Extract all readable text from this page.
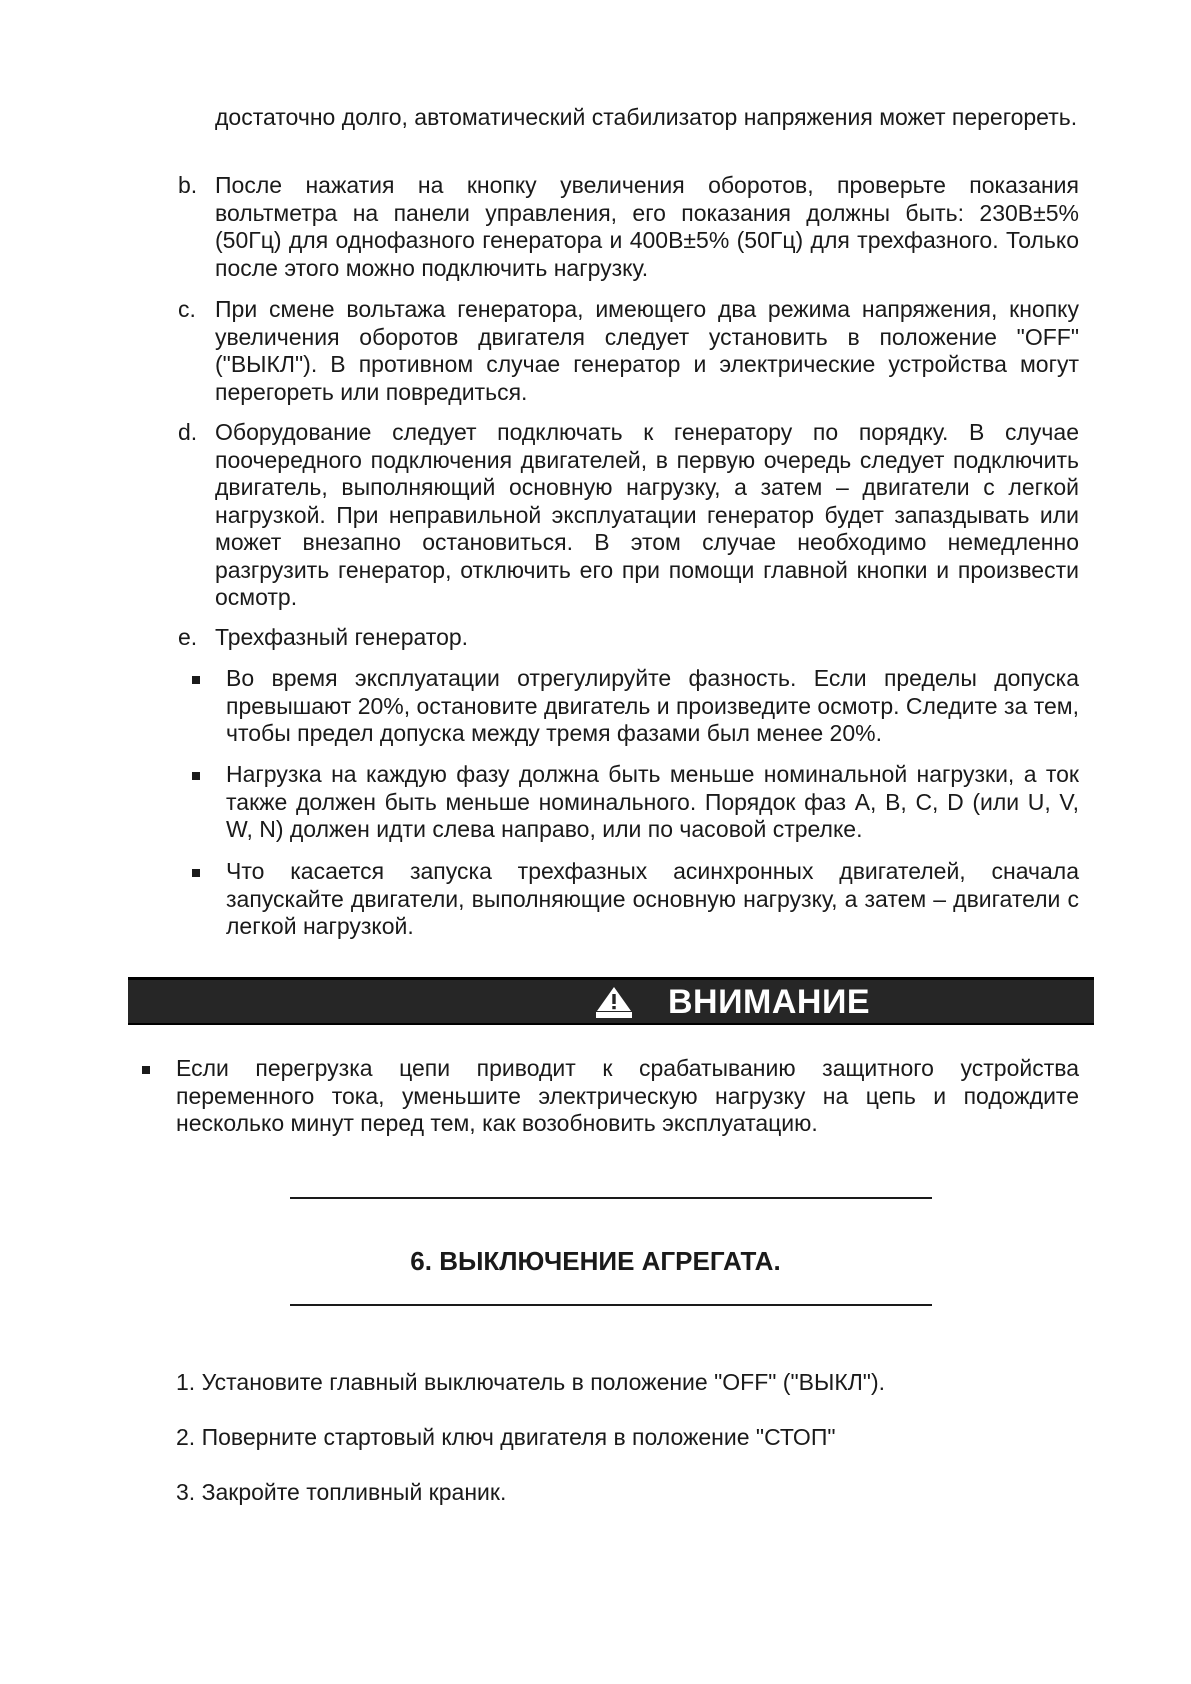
достаточно долго, автоматический стабилизатор напряжения может перегореть.
b. После нажатия на кнопку увеличения оборотов, проверьте показания вольтметра на панели управления, его показания должны быть: 230В±5% (50Гц) для однофазного генератора и 400В±5% (50Гц) для трехфазного. Только после этого можно подключить нагрузку.
c. При смене вольтажа генератора, имеющего два режима напряжения, кнопку увеличения оборотов двигателя следует установить в положение "OFF" ("ВЫКЛ"). В противном случае генератор и электрические устройства могут перегореть или повредиться.
d. Оборудование следует подключать к генератору по порядку. В случае поочередного подключения двигателей, в первую очередь следует подключить двигатель, выполняющий основную нагрузку, а затем – двигатели с легкой нагрузкой. При неправильной эксплуатации генератор будет запаздывать или может внезапно остановиться. В этом случае необходимо немедленно разгрузить генератор, отключить его при помощи главной кнопки и произвести осмотр.
e. Трехфазный генератор.
Во время эксплуатации отрегулируйте фазность. Если пределы допуска превышают 20%, остановите двигатель и произведите осмотр. Следите за тем, чтобы предел допуска между тремя фазами был менее 20%.
Нагрузка на каждую фазу должна быть меньше номинальной нагрузки, а ток также должен быть меньше номинального. Порядок фаз A, B, C, D (или U, V, W, N) должен идти слева направо, или по часовой стрелке.
Что касается запуска трехфазных асинхронных двигателей, сначала запускайте двигатели, выполняющие основную нагрузку, а затем – двигатели с легкой нагрузкой.
ВНИМАНИЕ
Если перегрузка цепи приводит к срабатыванию защитного устройства переменного тока, уменьшите электрическую нагрузку на цепь и подождите несколько минут перед тем, как возобновить эксплуатацию.
6. ВЫКЛЮЧЕНИЕ АГРЕГАТА.
1. Установите главный выключатель в положение "OFF" ("ВЫКЛ").
2. Поверните стартовый ключ двигателя в положение "СТОП"
3. Закройте топливный краник.
